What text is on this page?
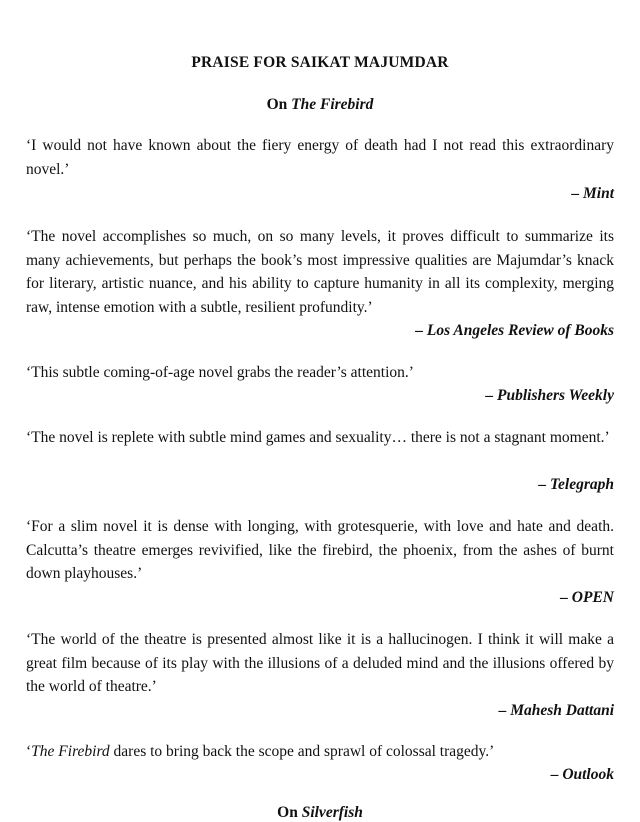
PRAISE FOR SAIKAT MAJUMDAR
On The Firebird
‘I would not have known about the fiery energy of death had I not read this extraordinary novel.’
– Mint
‘The novel accomplishes so much, on so many levels, it proves difficult to summarize its many achievements, but perhaps the book’s most impressive qualities are Majumdar’s knack for literary, artistic nuance, and his ability to capture humanity in all its complexity, merging raw, intense emotion with a subtle, resilient profundity.’
– Los Angeles Review of Books
‘This subtle coming-of-age novel grabs the reader’s attention.’
– Publishers Weekly
‘The novel is replete with subtle mind games and sexuality… there is not a stagnant moment.’
– Telegraph
‘For a slim novel it is dense with longing, with grotesquerie, with love and hate and death. Calcutta’s theatre emerges revivified, like the firebird, the phoenix, from the ashes of burnt down playhouses.’
– OPEN
‘The world of the theatre is presented almost like it is a hallucinogen. I think it will make a great film because of its play with the illusions of a deluded mind and the illusions offered by the world of theatre.’
– Mahesh Dattani
‘The Firebird dares to bring back the scope and sprawl of colossal tragedy.’
– Outlook
On Silverfish
